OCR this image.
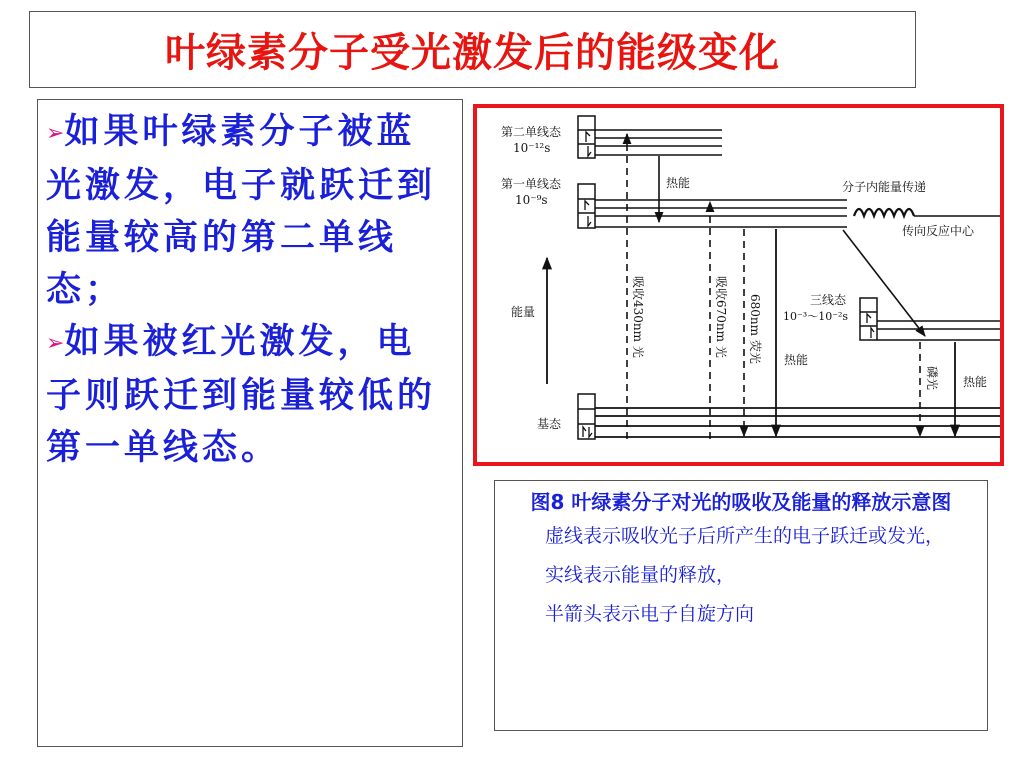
叶绿素分子受光激发后的能级变化

➢如果叶绿素分子被蓝光激发，电子就跃迁到能量较高的第二单线态；

➢如果被红光激发，电子则跃迁到能量较低的第一单线态。

第二单线态
10⁻¹²s
第一单线态
10⁻⁹s
分子内能量传递
传向反应中心
热能
能量
三线态
10⁻³～10⁻²s
基态
吸收430nm 光	吸收670nm 光 680nm 荧光 热能
磷光 热能

图8 叶绿素分子对光的吸收及能量的释放示意图

虚线表示吸收光子后所产生的电子跃迁或发光，

实线表示能量的释放，

半箭头表示电子自旋方向
